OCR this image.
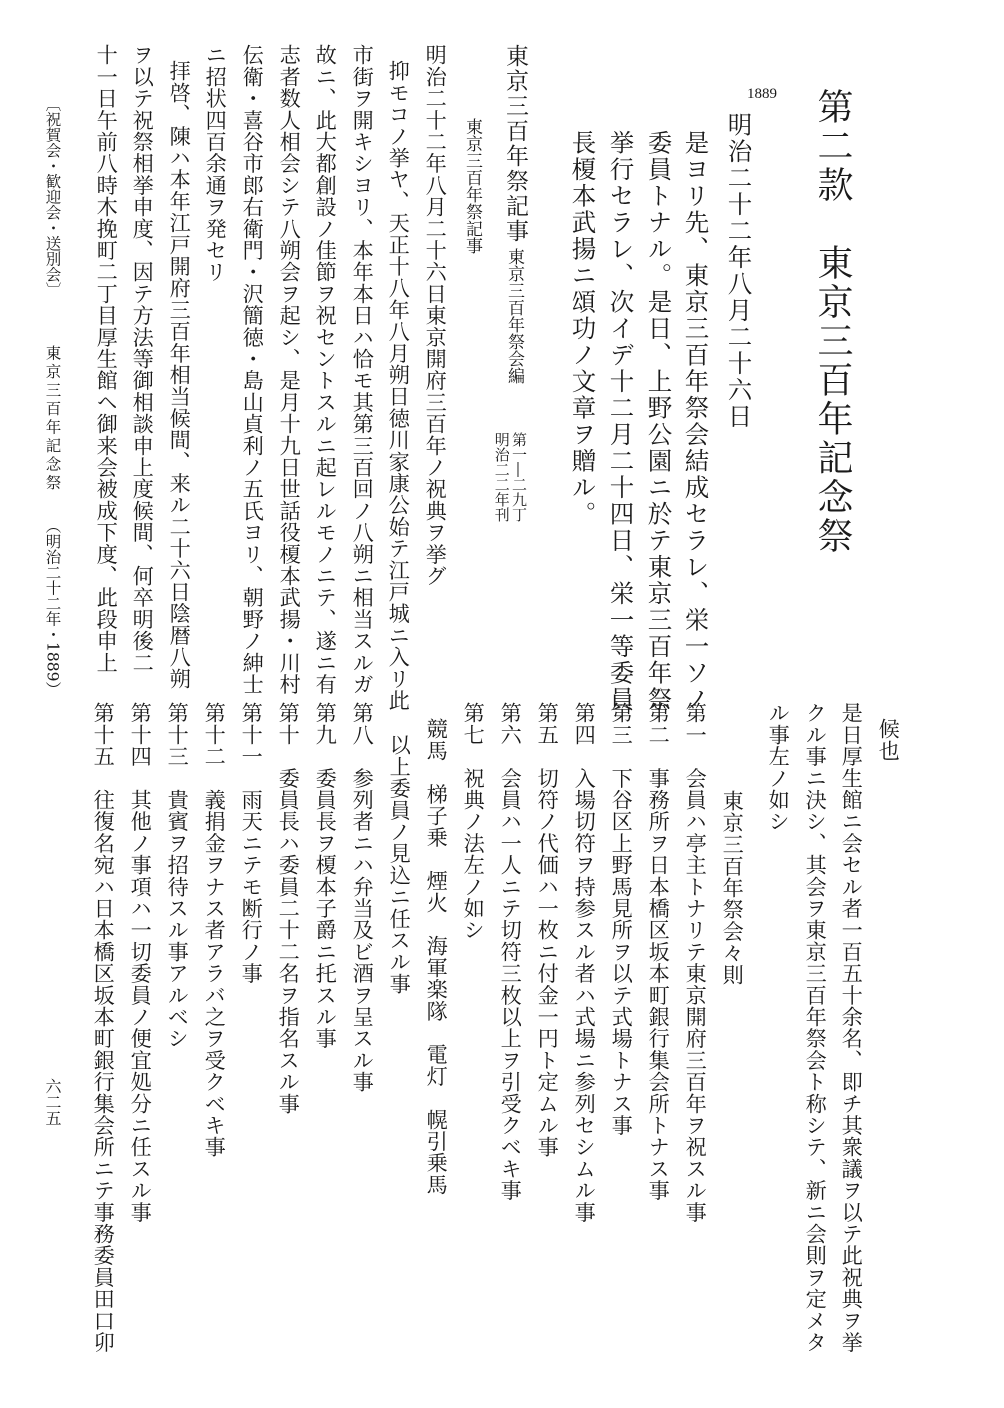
第二款　東京三百年記念祭
1889
明治二十二年八月二十六日
是ヨリ先、東京三百年祭会結成セラレ、栄一ソノ
委員トナル。是日、上野公園ニ於テ東京三百年祭
挙行セラレ、次イデ十二月二十四日、栄一等委員
長榎本武揚ニ頌功ノ文章ヲ贈ル。
東京三百年祭記事
東京三百年祭会編
第一―二九丁
明治二二年刊
東京三百年祭記事
明治二十二年八月二十六日東京開府三百年ノ祝典ヲ挙グ
抑モコノ挙ヤ、天正十八年八月朔日徳川家康公始テ江戸城ニ入リ此
市街ヲ開キシヨリ、本年本日ハ恰モ其第三百回ノ八朔ニ相当スルガ
故ニ、此大都創設ノ佳節ヲ祝セントスルニ起レルモノニテ、遂ニ有
志者数人相会シテ八朔会ヲ起シ、是月十九日世話役榎本武揚・川村
伝衛・喜谷市郎右衛門・沢簡徳・島山貞利ノ五氏ヨリ、朝野ノ紳士
ニ招状四百余通ヲ発セリ
拝啓、陳ハ本年江戸開府三百年相当候間、来ル二十六日陰暦八朔
ヲ以テ祝祭相挙申度、因テ方法等御相談申上度候間、何卒明後二
十一日午前八時木挽町二丁目厚生館ヘ御来会被成下度、此段申上
候也
是日厚生館ニ会セル者一百五十余名、即チ其衆議ヲ以テ此祝典ヲ挙
クル事ニ決シ、其会ヲ東京三百年祭会ト称シテ、新ニ会則ヲ定メタ
ル事左ノ如シ
東京三百年祭会々則
第一　会員ハ亭主トナリテ東京開府三百年ヲ祝スル事
第二　事務所ヲ日本橋区坂本町銀行集会所トナス事
第三　下谷区上野馬見所ヲ以テ式場トナス事
第四　入場切符ヲ持参スル者ハ式場ニ参列セシムル事
第五　切符ノ代価ハ一枚ニ付金一円ト定ムル事
第六　会員ハ一人ニテ切符三枚以上ヲ引受クベキ事
第七　祝典ノ法左ノ如シ
競馬　梯子乗　煙火　海軍楽隊　電灯　幌引乗馬
以上委員ノ見込ニ任スル事
第八　参列者ニハ弁当及ビ酒ヲ呈スル事
第九　委員長ヲ榎本子爵ニ托スル事
第十　委員長ハ委員二十二名ヲ指名スル事
第十一　雨天ニテモ断行ノ事
第十二　義捐金ヲナス者アラバ之ヲ受クベキ事
第十三　貴賓ヲ招待スル事アルベシ
第十四　其他ノ事項ハ一切委員ノ便宜処分ニ任スル事
第十五　往復名宛ハ日本橋区坂本町銀行集会所ニテ事務委員田口卯
〔祝賀会・歓迎会・送別会〕
東京三百年記念祭
（明治二十二年・1889）
六二五
